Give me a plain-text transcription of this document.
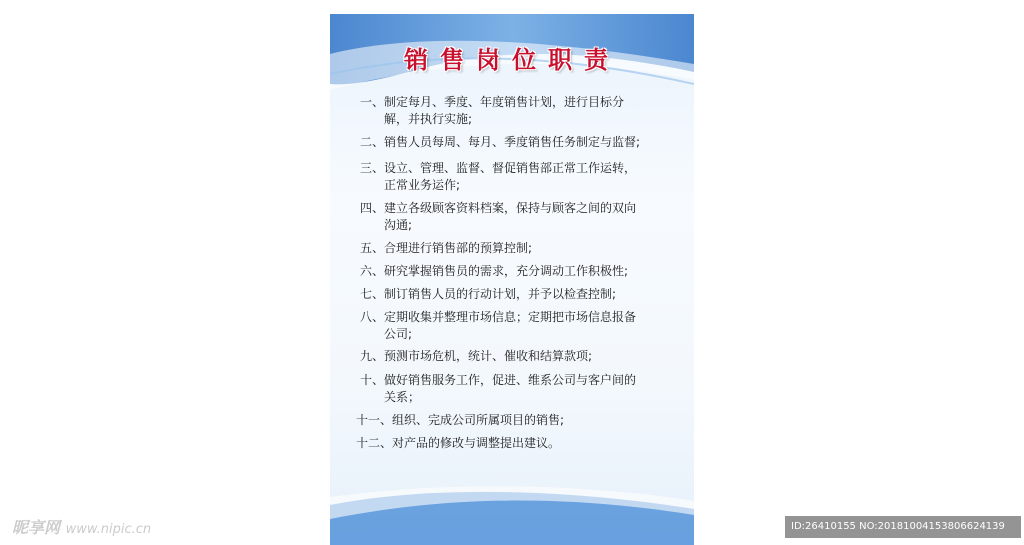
销售岗位职责
一、 制定每月、季度、年度销售计划，进行目标分
解，并执行实施;
二、 销售人员每周、每月、季度销售任务制定与监督;
三、 设立、管理、监督、督促销售部正常工作运转，
正常业务运作;
四、 建立各级顾客资料档案，保持与顾客之间的双向
沟通;
五、 合理进行销售部的预算控制;
六、 研究掌握销售员的需求，充分调动工作积极性;
七、 制订销售人员的行动计划，并予以检查控制;
八、 定期收集并整理市场信息；定期把市场信息报备
公司;
九、 预测市场危机，统计、催收和结算款项;
十、 做好销售服务工作，促进、维系公司与客户间的
关系；
十一、 组织、完成公司所属项目的销售;
十二、 对产品的修改与调整提出建议。
昵享网 www.nipic.cn	ID:26410155 NO:20181004153806624139
